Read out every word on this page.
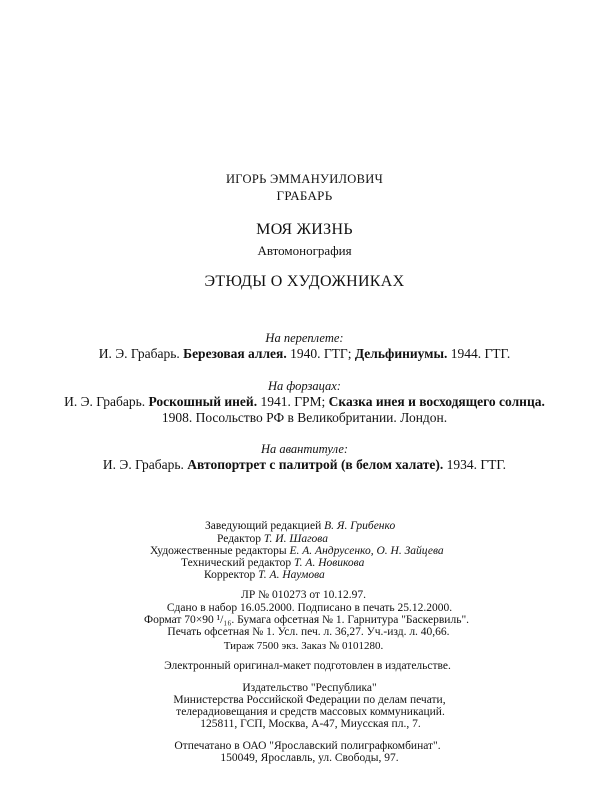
ИГОРЬ ЭММАНУИЛОВИЧ
ГРАБАРЬ
МОЯ ЖИЗНЬ
Автомонография
ЭТЮДЫ О ХУДОЖНИКАХ
На переплете:
И. Э. Грабарь. Березовая аллея. 1940. ГТГ; Дельфиниумы. 1944. ГТГ.
На форзацах:
И. Э. Грабарь. Роскошный иней. 1941. ГРМ; Сказка инея и восходящего солнца.
1908. Посольство РФ в Великобритании. Лондон.
На авантитуле:
И. Э. Грабарь. Автопортрет с палитрой (в белом халате). 1934. ГТГ.
Заведующий редакцией В. Я. Грибенко
Редактор Т. И. Шагова
Художественные редакторы Е. А. Андрусенко, О. Н. Зайцева
Технический редактор Т. А. Новикова
Корректор Т. А. Наумова
ЛР № 010273 от 10.12.97.
Сдано в набор 16.05.2000. Подписано в печать 25.12.2000.
Формат 70×90 ¹/₁₆. Бумага офсетная № 1. Гарнитура "Баскервиль".
Печать офсетная № 1. Усл. печ. л. 36,27. Уч.-изд. л. 40,66.
Тираж 7500 экз. Заказ № 0101280.
Электронный оригинал-макет подготовлен в издательстве.
Издательство "Республика"
Министерства Российской Федерации по делам печати,
телерадиовещания и средств массовых коммуникаций.
125811, ГСП, Москва, А-47, Миусская пл., 7.
Отпечатано в ОАО "Ярославский полиграфкомбинат".
150049, Ярославль, ул. Свободы, 97.
